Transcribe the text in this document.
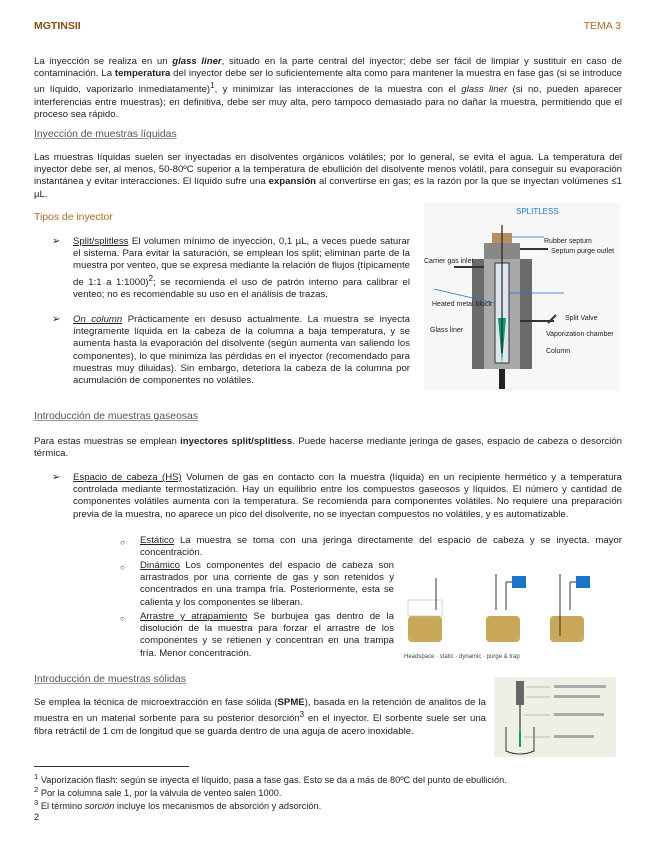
MGTINSII	TEMA 3
La inyección se realiza en un glass liner, situado en la parte central del inyector; debe ser fácil de limpiar y sustituir en caso de contaminación. La temperatura del inyector debe ser lo suficientemente alta como para mantener la muestra en fase gas (si se introduce un líquido, vaporizarlo inmediatamente)$^1$, y minimizar las interacciones de la muestra con el glass liner (si no, pueden aparecer interferencias entre muestras); en definitiva, debe ser muy alta, pero tampoco demasiado para no dañar la muestra, permitiendo que el proceso sea rápido.
Inyección de muestras líquidas
Las muestras líquidas suelen ser inyectadas en disolventes orgánicos volátiles; por lo general, se evita el agua. La temperatura del inyector debe ser, al menos, 50-80ºC superior a la temperatura de ebullición del disolvente menos volátil, para conseguir su evaporación instantánea y evitar interacciones. El líquido sufre una expansión al convertirse en gas; es la razón por la que se inyectan volúmenes ≤1 µL.
Tipos de inyector
➢ Split/splitless El volumen mínimo de inyección, 0,1 µL, a veces puede saturar el sistema. Para evitar la saturación, se emplean los split; eliminan parte de la muestra por venteo, que se expresa mediante la relación de flujos (típicamente de 1:1 a 1:1000)$^2$; se recomienda el uso de patrón interno para calibrar el venteo; no es recomendable su uso en el análisis de trazas.
➢ On column Prácticamente en desuso actualmente. La muestra se inyecta íntegramente líquida en la cabeza de la columna a baja temperatura, y se aumenta hasta la evaporación del disolvente (según aumenta van saliendo los componentes), lo que minimiza las pérdidas en el inyector (recomendado para muestras muy diluidas). Sin embargo, deteriora la cabeza de la columna por acumulación de componentes no volátiles.
SPLITLESS
Rubber septum
Septum purge outlet
Carrier gas inlet
Split Valve
Heated metal block
Vaporization chamber
Glass liner
Column
Introducción de muestras gaseosas
Para estas muestras se emplean inyectores split/splitless. Puede hacerse mediante jeringa de gases, espacio de cabeza o desorción térmica.
➢ Espacio de cabeza (HS) Volumen de gas en contacto con la muestra (líquida) en un recipiente hermético y a temperatura controlada mediante termostatización. Hay un equilibrio entre los compuestos gaseosos y líquidos. El número y cantidad de componentes volátiles aumenta con la temperatura. Se recomienda para componentes volátiles. No requiere una preparación previa de la muestra, no aparece un pico del disolvente, no se inyectan compuestos no volátiles, y es automatizable.
○ Estático La muestra se toma con una jeringa directamente del espacio de cabeza y se inyecta. mayor concentración.
○ Dinámico Los componentes del espacio de cabeza son arrastrados por una corriente de gas y son retenidos y concentrados en una trampa fría. Posteriormente, esta se calienta y los componentes se liberan.
○ Arrastre y atrapamiento Se burbujea gas dentro de la disolución de la muestra para forzar el arrastre de los componentes y se retienen y concentran en una trampa fría. Menor concentración.	Headspace · static · dynamic · purge & trap
Introducción de muestras sólidas
Se emplea la técnica de microextracción en fase sólida (SPME), basada en la retención de analitos de la muestra en un material sorbente para su posterior desorción$^3$ en el inyector. El sorbente suele ser una fibra retráctil de 1 cm de longitud que se guarda dentro de una aguja de acero inoxidable.
$^1$ Vaporización flash: según se inyecta el líquido, pasa a fase gas. Esto se da a más de 80ºC del punto de ebullición.
$^2$ Por la columna sale 1, por la válvula de venteo salen 1000.
$^3$ El término sorción incluye los mecanismos de absorción y adsorción.
2
